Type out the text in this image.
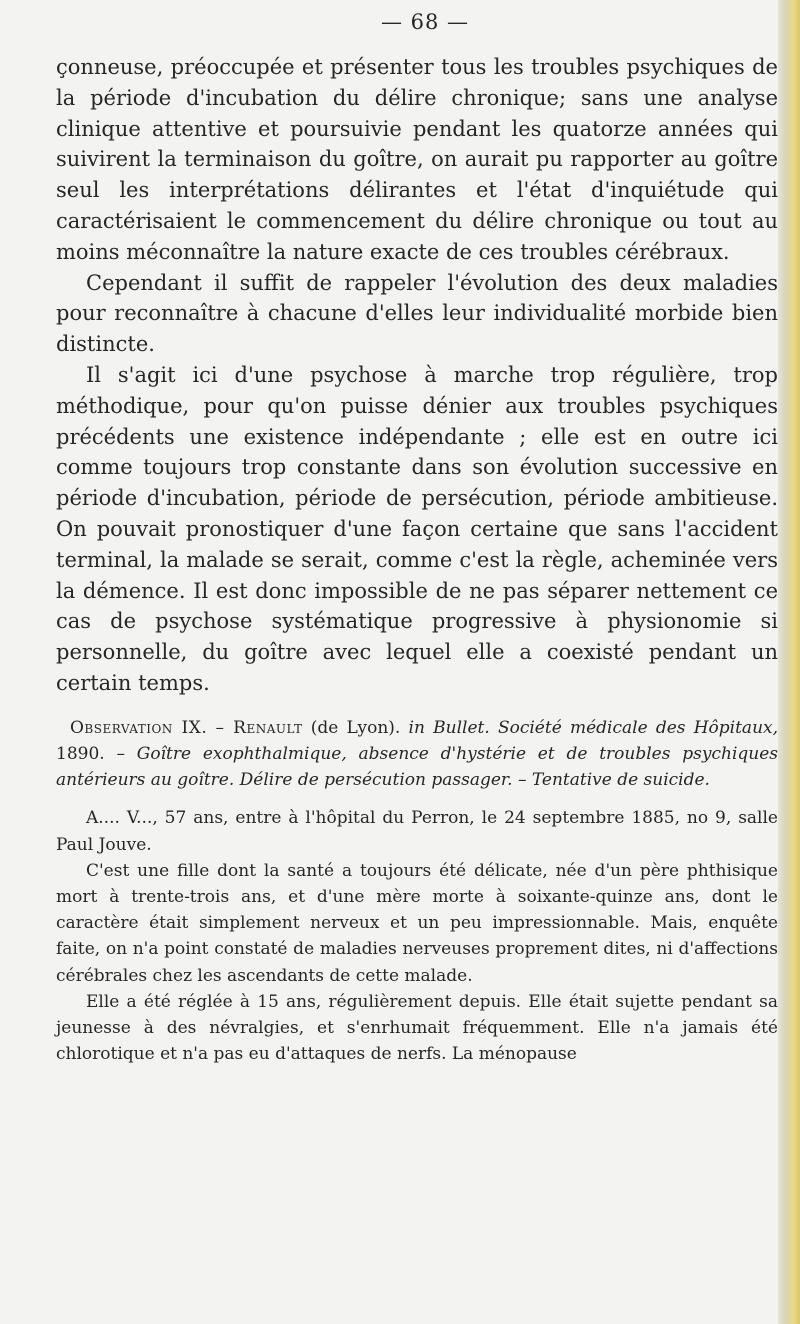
— 68 —

çonneuse, préoccupée et présenter tous les troubles psychiques de la période d'incubation du délire chronique; sans une analyse clinique attentive et poursuivie pendant les quatorze années qui suivirent la terminaison du goître, on aurait pu rapporter au goître seul les interprétations délirantes et l'état d'inquiétude qui caractérisaient le commencement du délire chronique ou tout au moins méconnaître la nature exacte de ces troubles cérébraux.

Cependant il suffit de rappeler l'évolution des deux maladies pour reconnaître à chacune d'elles leur individualité morbide bien distincte.

Il s'agit ici d'une psychose à marche trop régulière, trop méthodique, pour qu'on puisse dénier aux troubles psychiques précédents une existence indépendante ; elle est en outre ici comme toujours trop constante dans son évolution successive en période d'incubation, période de persécution, période ambitieuse. On pouvait pronostiquer d'une façon certaine que sans l'accident terminal, la malade se serait, comme c'est la règle, acheminée vers la démence. Il est donc impossible de ne pas séparer nettement ce cas de psychose systématique progressive à physionomie si personnelle, du goître avec lequel elle a coexisté pendant un certain temps.

Observation IX. – Renault (de Lyon). in Bullet. Société médicale des Hôpitaux, 1890. – Goître exophthalmique, absence d'hystérie et de troubles psychiques antérieurs au goître. Délire de persécution passager. – Tentative de suicide.

A.... V..., 57 ans, entre à l'hôpital du Perron, le 24 septembre 1885, no 9, salle Paul Jouve.

C'est une fille dont la santé a toujours été délicate, née d'un père phthisique mort à trente-trois ans, et d'une mère morte à soixante-quinze ans, dont le caractère était simplement nerveux et un peu impressionnable. Mais, enquête faite, on n'a point constaté de maladies nerveuses proprement dites, ni d'affections cérébrales chez les ascendants de cette malade.

Elle a été réglée à 15 ans, régulièrement depuis. Elle était sujette pendant sa jeunesse à des névralgies, et s'enrhumait fréquemment. Elle n'a jamais été chlorotique et n'a pas eu d'attaques de nerfs. La ménopause
